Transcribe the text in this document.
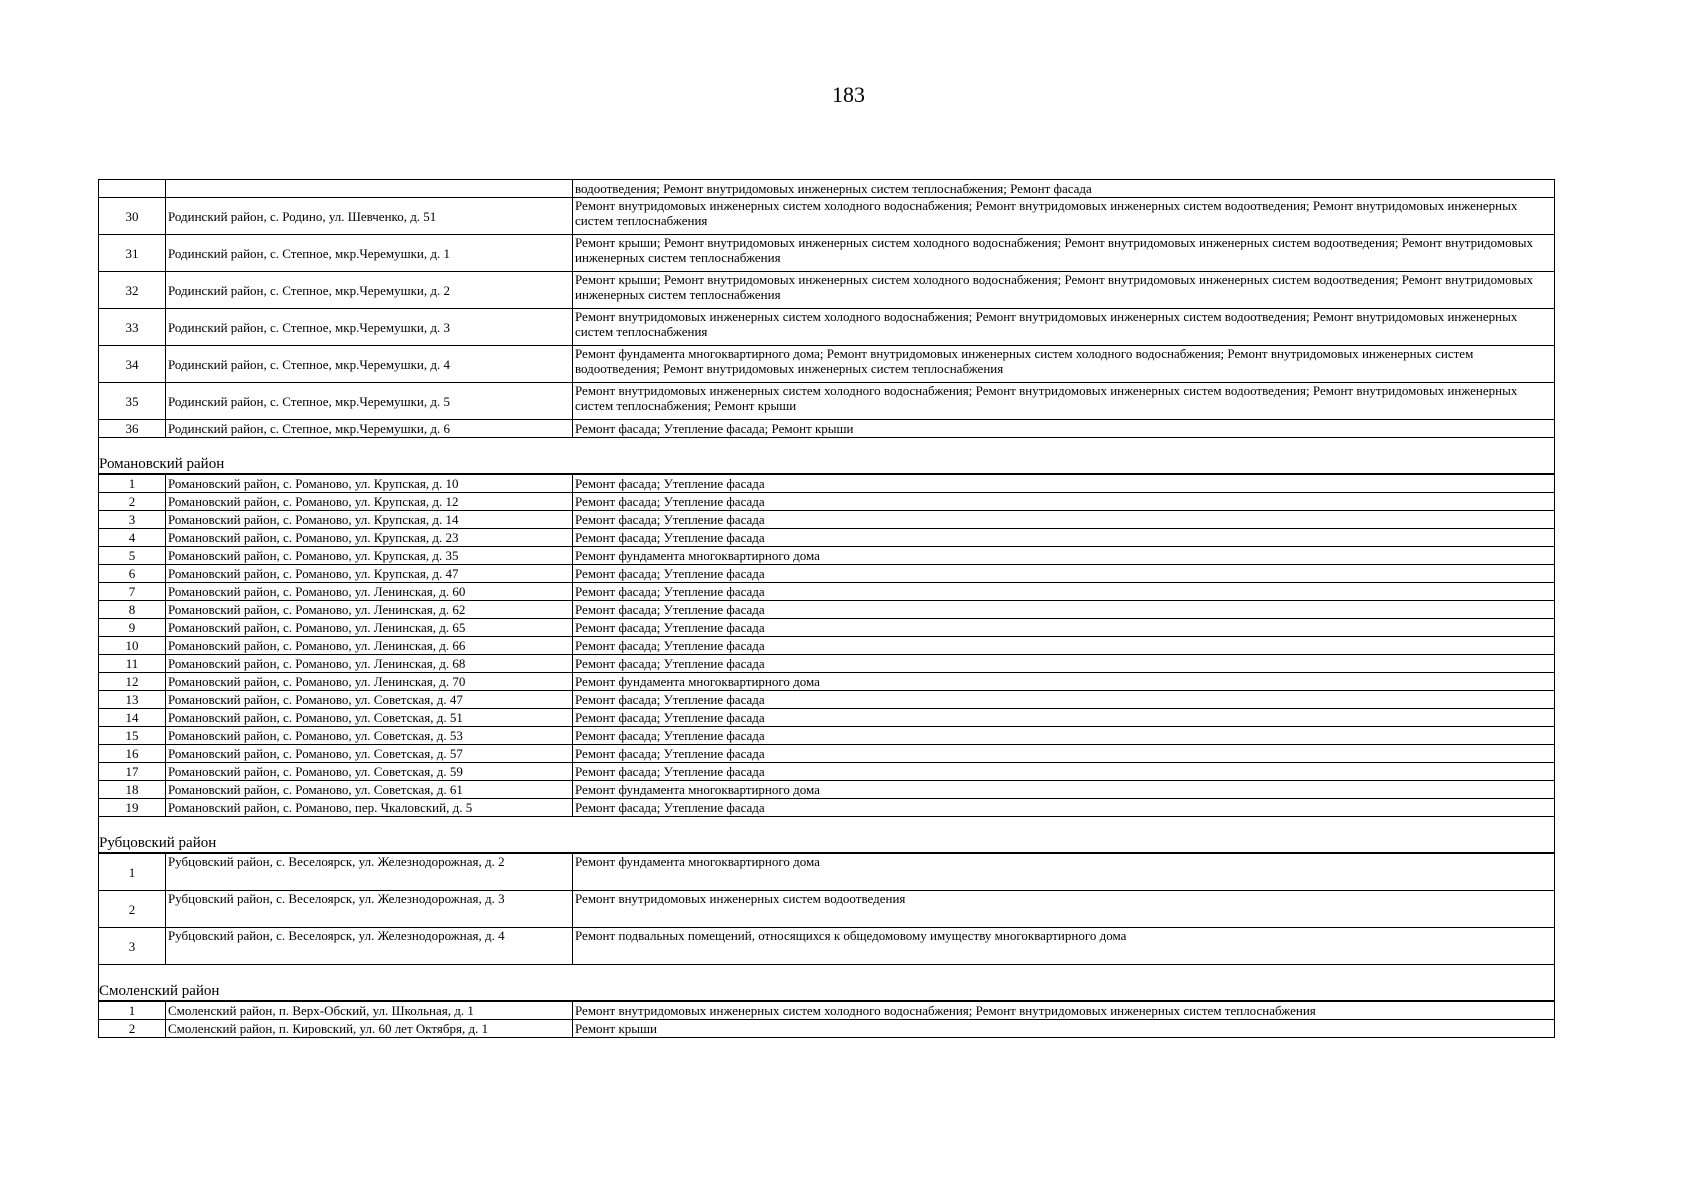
183
		водоотведения; Ремонт внутридомовых инженерных систем теплоснабжения; Ремонт фасада
30	Родинский район, с. Родино, ул. Шевченко, д. 51	Ремонт внутридомовых инженерных систем холодного водоснабжения; Ремонт внутридомовых инженерных систем водоотведения; Ремонт внутридомовых инженерных систем теплоснабжения
31	Родинский район, с. Степное, мкр.Черемушки, д. 1	Ремонт крыши; Ремонт внутридомовых инженерных систем холодного водоснабжения; Ремонт внутридомовых инженерных систем водоотведения; Ремонт внутридомовых инженерных систем теплоснабжения
32	Родинский район, с. Степное, мкр.Черемушки, д. 2	Ремонт крыши; Ремонт внутридомовых инженерных систем холодного водоснабжения; Ремонт внутридомовых инженерных систем водоотведения; Ремонт внутридомовых инженерных систем теплоснабжения
33	Родинский район, с. Степное, мкр.Черемушки, д. 3	Ремонт внутридомовых инженерных систем холодного водоснабжения; Ремонт внутридомовых инженерных систем водоотведения; Ремонт внутридомовых инженерных систем теплоснабжения
34	Родинский район, с. Степное, мкр.Черемушки, д. 4	Ремонт фундамента многоквартирного дома; Ремонт внутридомовых инженерных систем холодного водоснабжения; Ремонт внутридомовых инженерных систем водоотведения; Ремонт внутридомовых инженерных систем теплоснабжения
35	Родинский район, с. Степное, мкр.Черемушки, д. 5	Ремонт внутридомовых инженерных систем холодного водоснабжения; Ремонт внутридомовых инженерных систем водоотведения; Ремонт внутридомовых инженерных систем теплоснабжения; Ремонт крыши
36	Родинский район, с. Степное, мкр.Черемушки, д. 6	Ремонт фасада; Утепление фасада; Ремонт крыши
Романовский район
1	Романовский район, с. Романово, ул. Крупская, д. 10	Ремонт фасада; Утепление фасада
2	Романовский район, с. Романово, ул. Крупская, д. 12	Ремонт фасада; Утепление фасада
3	Романовский район, с. Романово, ул. Крупская, д. 14	Ремонт фасада; Утепление фасада
4	Романовский район, с. Романово, ул. Крупская, д. 23	Ремонт фасада; Утепление фасада
5	Романовский район, с. Романово, ул. Крупская, д. 35	Ремонт фундамента многоквартирного дома
6	Романовский район, с. Романово, ул. Крупская, д. 47	Ремонт фасада; Утепление фасада
7	Романовский район, с. Романово, ул. Ленинская, д. 60	Ремонт фасада; Утепление фасада
8	Романовский район, с. Романово, ул. Ленинская, д. 62	Ремонт фасада; Утепление фасада
9	Романовский район, с. Романово, ул. Ленинская, д. 65	Ремонт фасада; Утепление фасада
10	Романовский район, с. Романово, ул. Ленинская, д. 66	Ремонт фасада; Утепление фасада
11	Романовский район, с. Романово, ул. Ленинская, д. 68	Ремонт фасада; Утепление фасада
12	Романовский район, с. Романово, ул. Ленинская, д. 70	Ремонт фундамента многоквартирного дома
13	Романовский район, с. Романово, ул. Советская, д. 47	Ремонт фасада; Утепление фасада
14	Романовский район, с. Романово, ул. Советская, д. 51	Ремонт фасада; Утепление фасада
15	Романовский район, с. Романово, ул. Советская, д. 53	Ремонт фасада; Утепление фасада
16	Романовский район, с. Романово, ул. Советская, д. 57	Ремонт фасада; Утепление фасада
17	Романовский район, с. Романово, ул. Советская, д. 59	Ремонт фасада; Утепление фасада
18	Романовский район, с. Романово, ул. Советская, д. 61	Ремонт фундамента многоквартирного дома
19	Романовский район, с. Романово, пер. Чкаловский, д. 5	Ремонт фасада; Утепление фасада
Рубцовский район
1	Рубцовский район, с. Веселоярск, ул. Железнодорожная, д. 2	Ремонт фундамента многоквартирного дома
2	Рубцовский район, с. Веселоярск, ул. Железнодорожная, д. 3	Ремонт внутридомовых инженерных систем водоотведения
3	Рубцовский район, с. Веселоярск, ул. Железнодорожная, д. 4	Ремонт подвальных помещений, относящихся к общедомовому имуществу многоквартирного дома
Смоленский район
1	Смоленский район, п. Верх-Обский, ул. Школьная, д. 1	Ремонт внутридомовых инженерных систем холодного водоснабжения; Ремонт внутридомовых инженерных систем теплоснабжения
2	Смоленский район, п. Кировский, ул. 60 лет Октября, д. 1	Ремонт крыши
